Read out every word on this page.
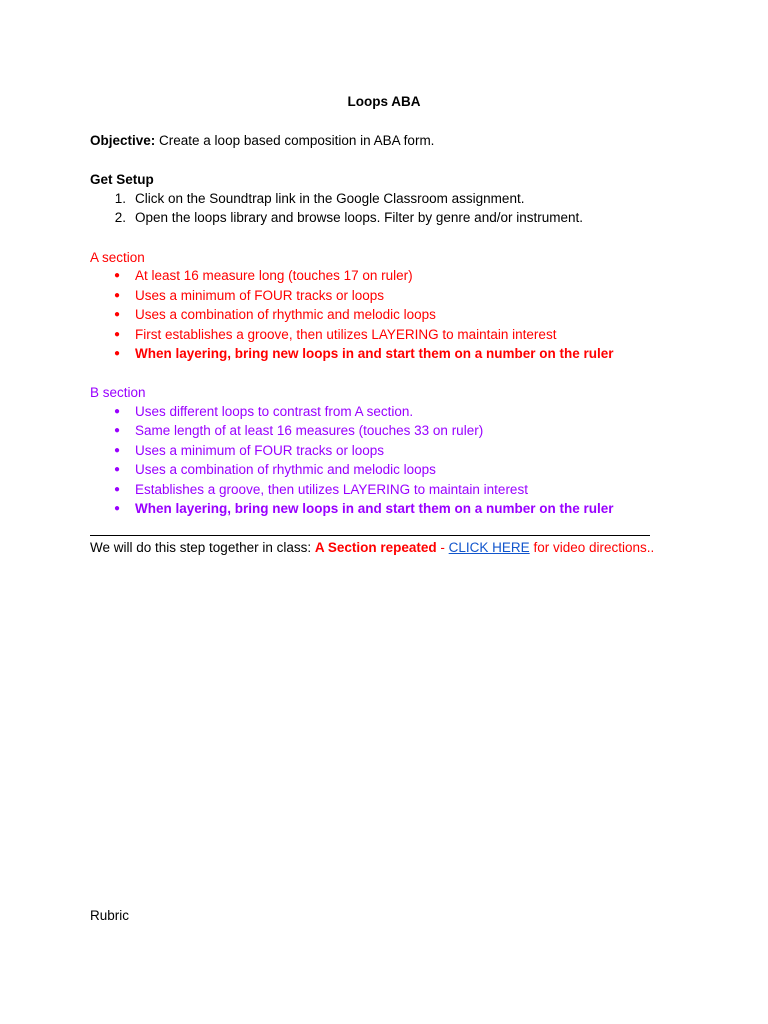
Loops ABA
Objective: Create a loop based composition in ABA form.
Get Setup
1. Click on the Soundtrap link in the Google Classroom assignment.
2. Open the loops library and browse loops. Filter by genre and/or instrument.
A section
● At least 16 measure long (touches 17 on ruler)
● Uses a minimum of FOUR tracks or loops
● Uses a combination of rhythmic and melodic loops
● First establishes a groove, then utilizes LAYERING to maintain interest
● When layering, bring new loops in and start them on a number on the ruler
B section
● Uses different loops to contrast from A section.
● Same length of at least 16 measures (touches 33 on ruler)
● Uses a minimum of FOUR tracks or loops
● Uses a combination of rhythmic and melodic loops
● Establishes a groove, then utilizes LAYERING to maintain interest
● When layering, bring new loops in and start them on a number on the ruler
We will do this step together in class: A Section repeated - CLICK HERE for video directions..
Rubric
